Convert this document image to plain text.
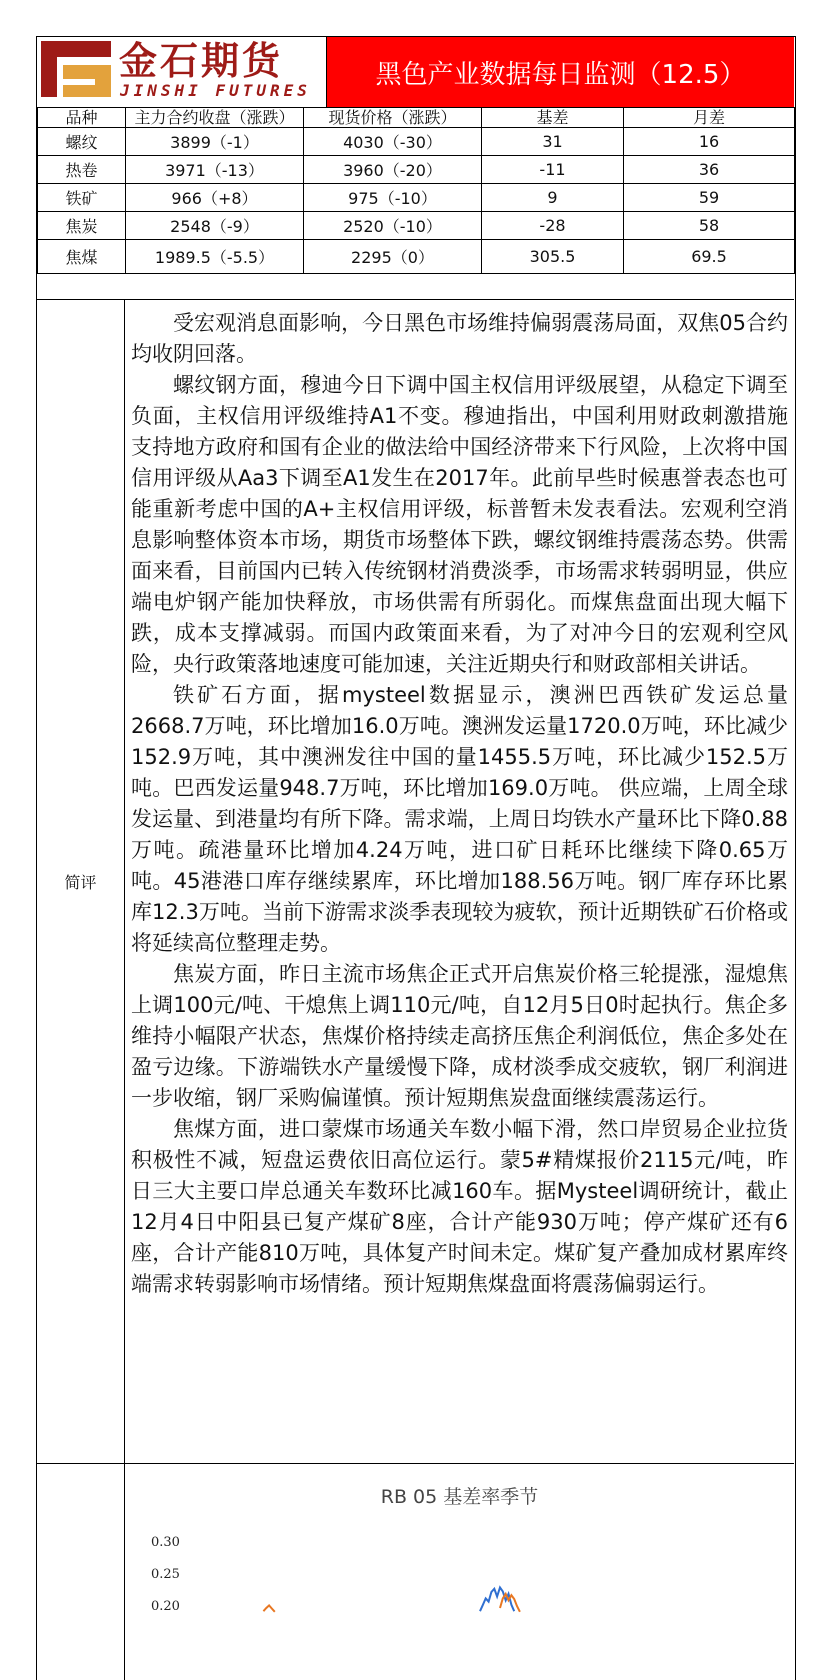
金石期货
JINSHI FUTURES
黑色产业数据每日监测（12.5）
品种	主力合约收盘（涨跌）	现货价格（涨跌）	基差	月差
螺纹	3899（-1）	4030（-30）	31	16
热卷	3971（-13）	3960（-20）	-11	36
铁矿	966（+8）	975（-10）	9	59
焦炭	2548（-9）	2520（-10）	-28	58
焦煤	1989.5（-5.5）	2295（0）	305.5	69.5
简评

受宏观消息面影响，今日黑色市场维持偏弱震荡局面，双焦05合约均收阴回落。

螺纹钢方面，穆迪今日下调中国主权信用评级展望，从稳定下调至负面，主权信用评级维持A1不变。穆迪指出，中国利用财政刺激措施支持地方政府和国有企业的做法给中国经济带来下行风险，上次将中国信用评级从Aa3下调至A1发生在2017年。此前早些时候惠誉表态也可能重新考虑中国的A+主权信用评级，标普暂未发表看法。宏观利空消息影响整体资本市场，期货市场整体下跌，螺纹钢维持震荡态势。供需面来看，目前国内已转入传统钢材消费淡季，市场需求转弱明显，供应端电炉钢产能加快释放，市场供需有所弱化。而煤焦盘面出现大幅下跌，成本支撑减弱。而国内政策面来看，为了对冲今日的宏观利空风险，央行政策落地速度可能加速，关注近期央行和财政部相关讲话。

铁矿石方面，据mysteel数据显示，澳洲巴西铁矿发运总量2668.7万吨，环比增加16.0万吨。澳洲发运量1720.0万吨，环比减少152.9万吨，其中澳洲发往中国的量1455.5万吨，环比减少152.5万吨。巴西发运量948.7万吨，环比增加169.0万吨。 供应端，上周全球发运量、到港量均有所下降。需求端，上周日均铁水产量环比下降0.88万吨。疏港量环比增加4.24万吨，进口矿日耗环比继续下降0.65万吨。45港港口库存继续累库，环比增加188.56万吨。钢厂库存环比累库12.3万吨。当前下游需求淡季表现较为疲软，预计近期铁矿石价格或将延续高位整理走势。

焦炭方面，昨日主流市场焦企正式开启焦炭价格三轮提涨，湿熄焦上调100元/吨、干熄焦上调110元/吨，自12月5日0时起执行。焦企多维持小幅限产状态，焦煤价格持续走高挤压焦企利润低位，焦企多处在盈亏边缘。下游端铁水产量缓慢下降，成材淡季成交疲软，钢厂利润进一步收缩，钢厂采购偏谨慎。预计短期焦炭盘面继续震荡运行。

焦煤方面，进口蒙煤市场通关车数小幅下滑，然口岸贸易企业拉货积极性不减，短盘运费依旧高位运行。蒙5#精煤报价2115元/吨，昨日三大主要口岸总通关车数环比减160车。据Mysteel调研统计，截止12月4日中阳县已复产煤矿8座，合计产能930万吨；停产煤矿还有6座，合计产能810万吨，具体复产时间未定。煤矿复产叠加成材累库终端需求转弱影响市场情绪。预计短期焦煤盘面将震荡偏弱运行。

RB 05 基差率季节
0.30
0.25
0.20
